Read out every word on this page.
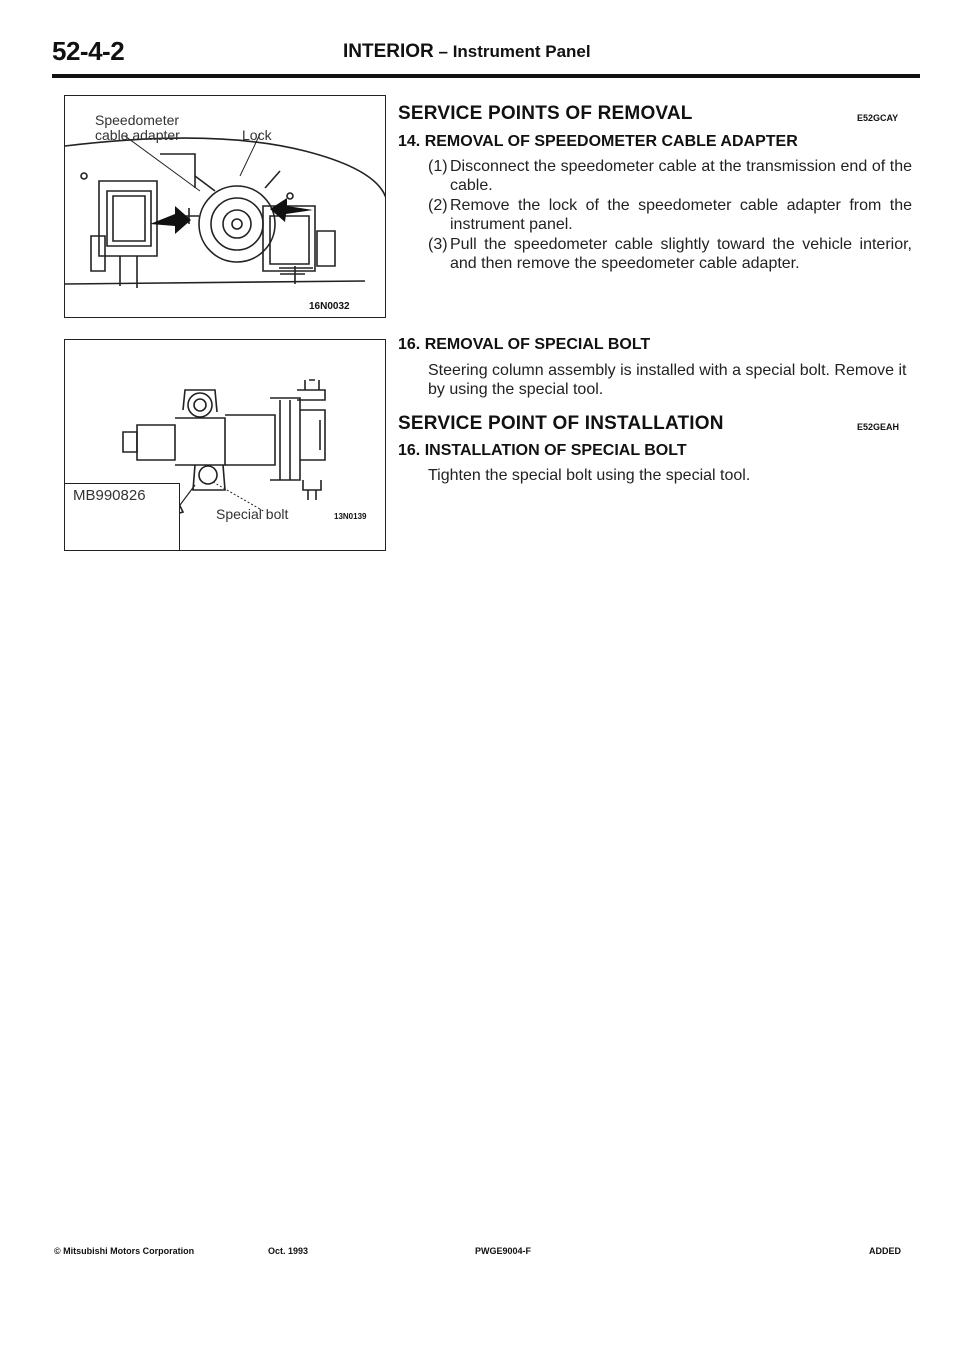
52-4-2	INTERIOR – Instrument Panel
Speedometer
cable adapter	Lock
16N0032
MB990826
Special bolt	13N0139
SERVICE POINTS OF REMOVAL	E52GCAY
14. REMOVAL OF SPEEDOMETER CABLE ADAPTER
(1) Disconnect the speedometer cable at the transmission end of the cable.
(2) Remove the lock of the speedometer cable adapter from the instrument panel.
(3) Pull the speedometer cable slightly toward the vehicle interior, and then remove the speedometer cable adapter.
16. REMOVAL OF SPECIAL BOLT
Steering column assembly is installed with a special bolt. Remove it by using the special tool.
SERVICE POINT OF INSTALLATION	E52GEAH
16. INSTALLATION OF SPECIAL BOLT
Tighten the special bolt using the special tool.
© Mitsubishi Motors Corporation	Oct. 1993	PWGE9004-F	ADDED
